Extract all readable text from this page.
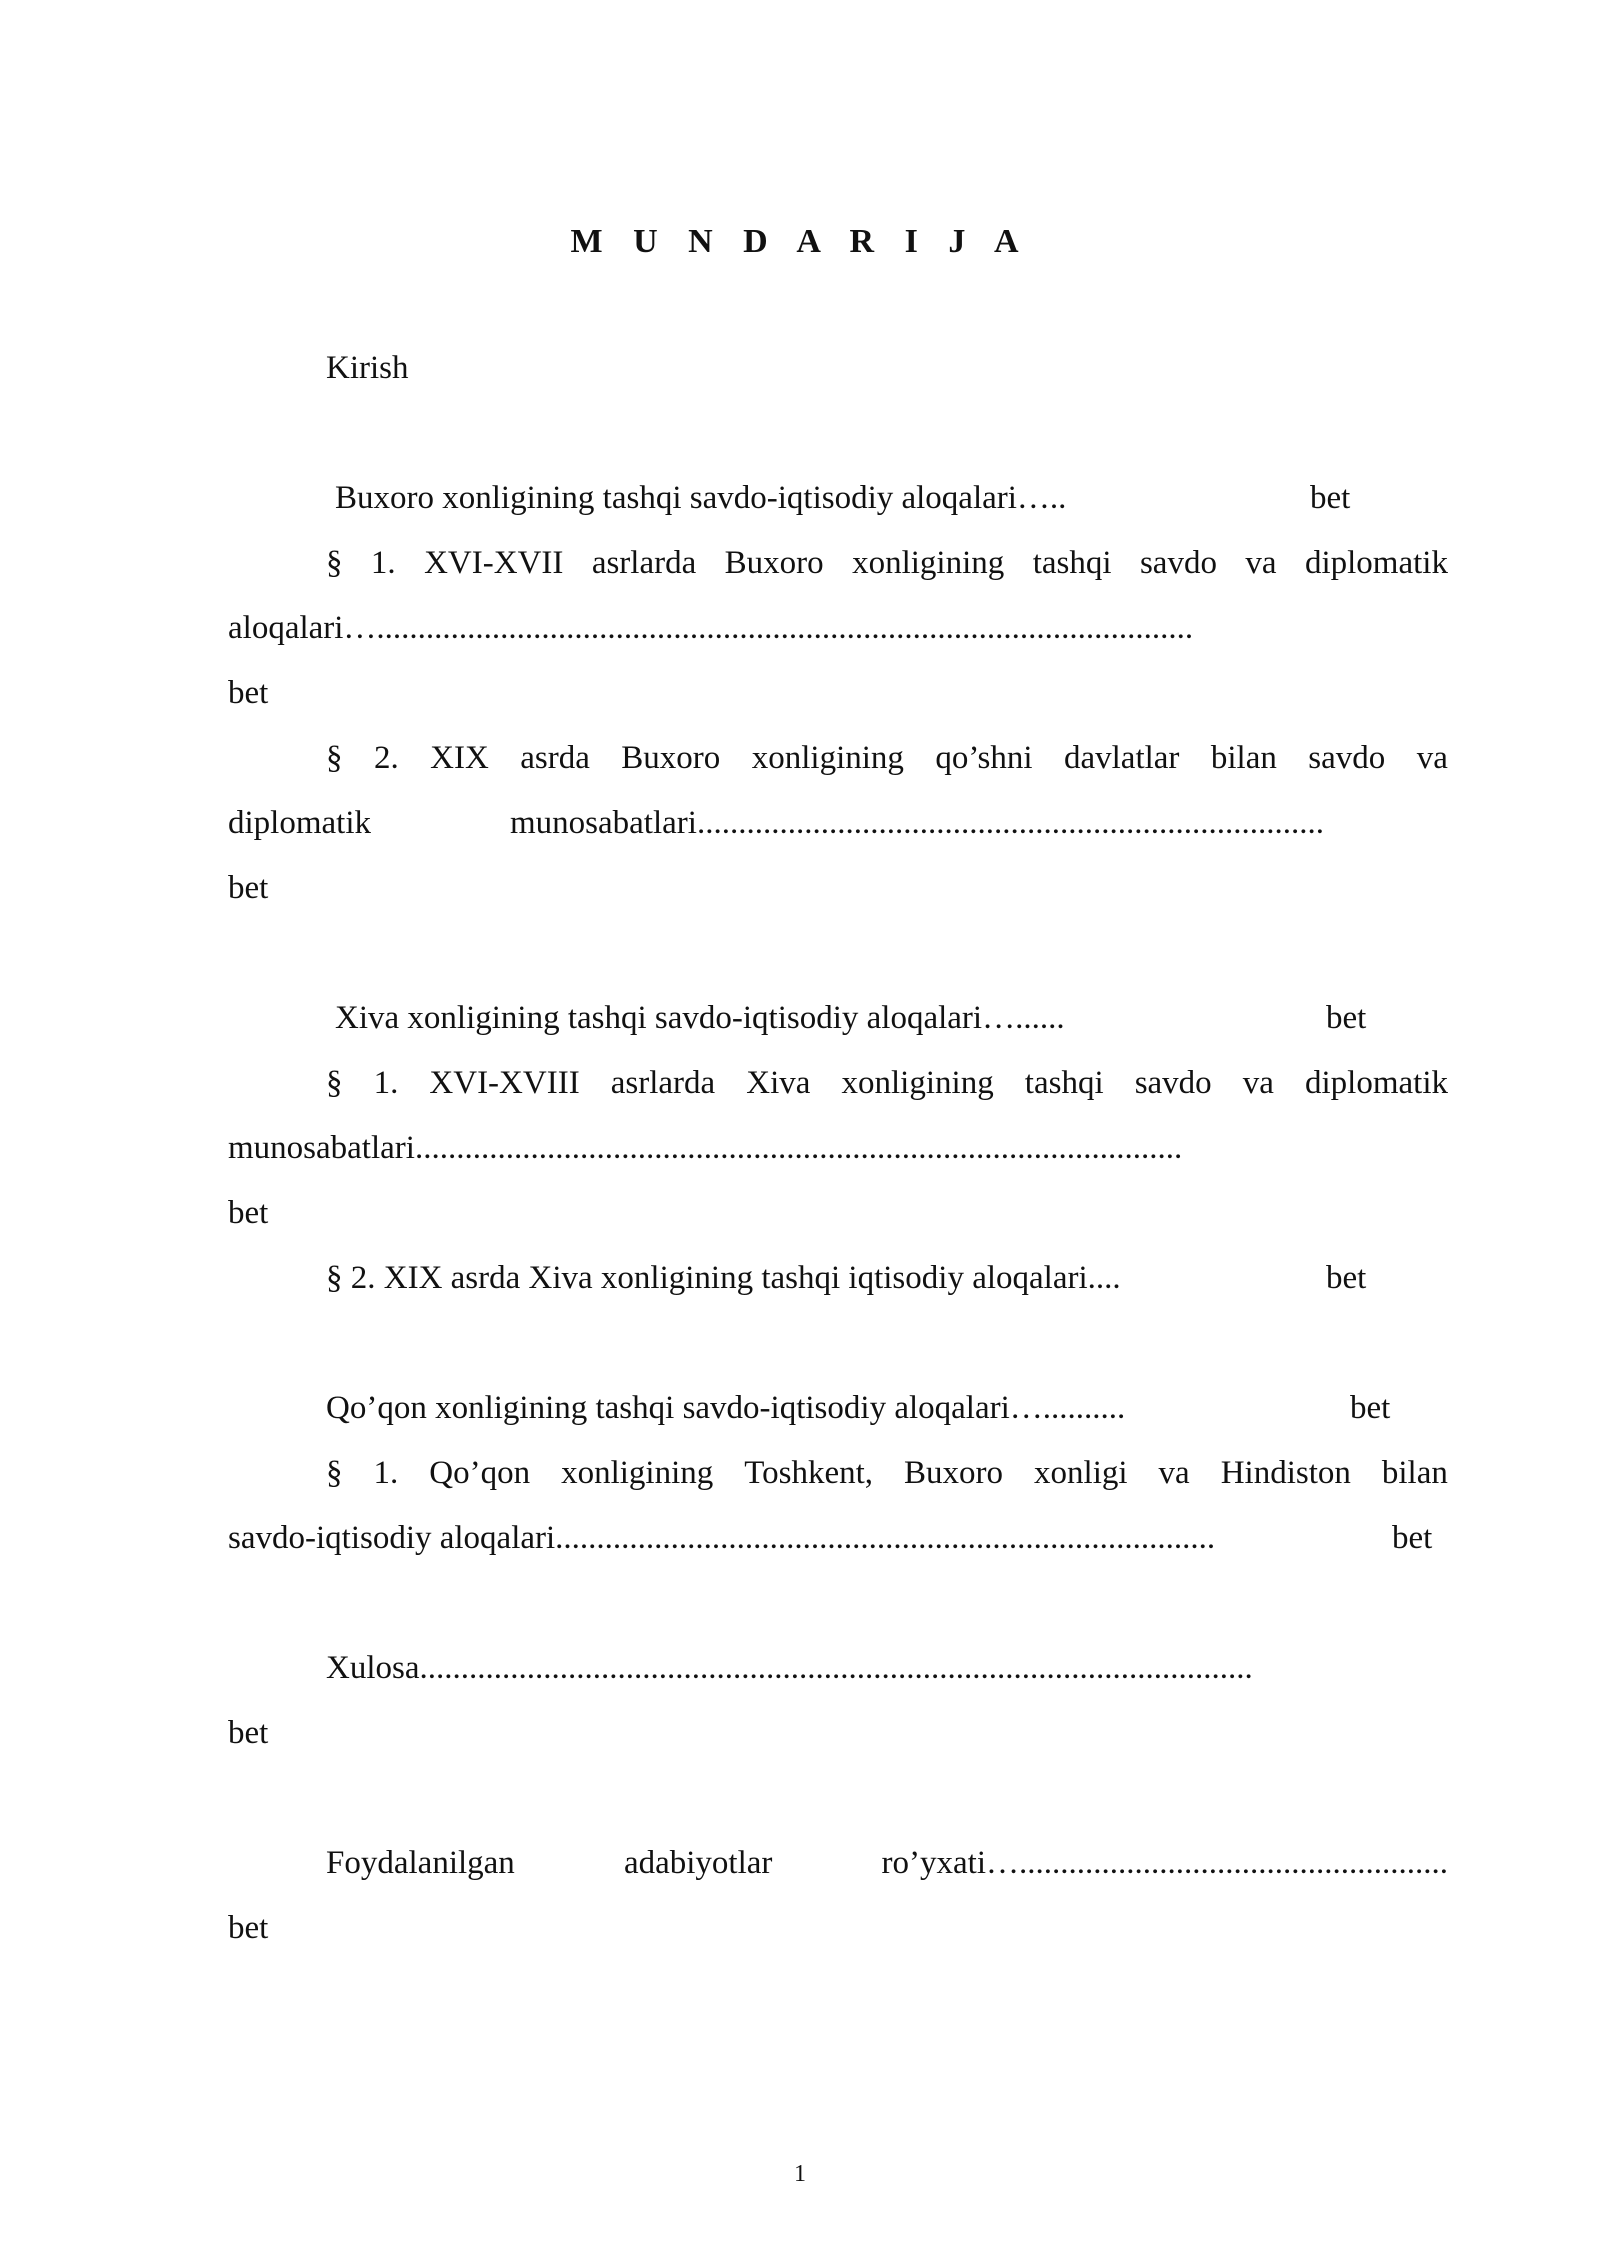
M U N D A R I J A
Kirish
Buxoro xonligining tashqi savdo-iqtisodiy aloqalari…..	bet
§ 1. XVI-XVII asrlarda Buxoro xonligining tashqi savdo va diplomatik
aloqalari…...................................................................................................
bet
§ 2. XIX asrda Buxoro xonligining qo’shni davlatlar bilan savdo va
diplomatik	munosabatlari............................................................................
bet
Xiva xonligining tashqi savdo-iqtisodiy aloqalari…......	bet
§ 1. XVI-XVIII asrlarda Xiva xonligining tashqi savdo va diplomatik
munosabatlari.............................................................................................
bet
§ 2. XIX asrda Xiva xonligining tashqi iqtisodiy aloqalari....	bet
Qo’qon xonligining tashqi savdo-iqtisodiy aloqalari…..........	bet
§ 1. Qo’qon xonligining Toshkent, Buxoro xonligi va Hindiston bilan
savdo-iqtisodiy aloqalari................................................................................	bet
Xulosa.....................................................................................................
bet
Foydalanilgan	adabiyotlar	ro’yxati…....................................................
bet
1
